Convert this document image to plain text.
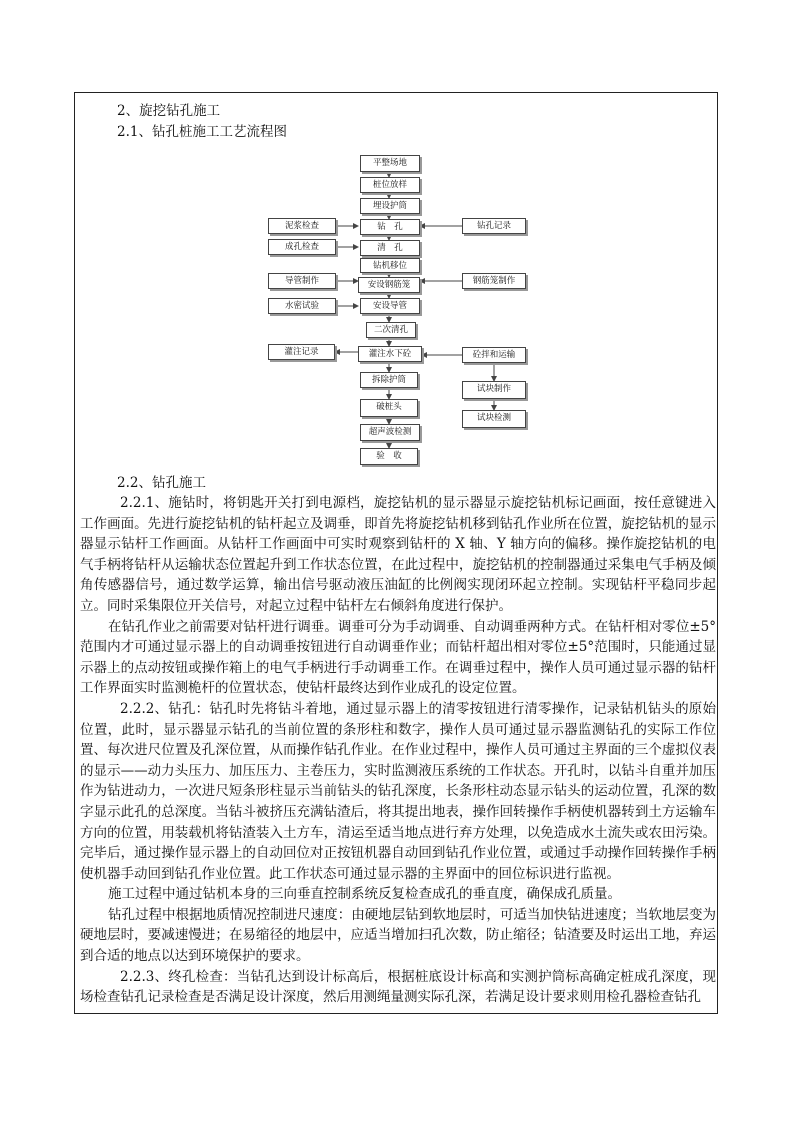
2、旋挖钻孔施工
2.1、钻孔桩施工工艺流程图
平整场地
桩位放样
埋设护筒
钻　孔
清　孔
钻机移位
安设钢筋笼
安设导管
二次清孔
灌注水下砼
拆除护筒
破桩头
超声波检测
验　收
泥浆检查
成孔检查
导管制作
水密试验
灌注记录
钻孔记录
钢筋笼制作
砼拌和运输
试块制作
试块检测
2.2、钻孔施工

2.2.1、施钻时，将钥匙开关打到电源档，旋挖钻机的显示器显示旋挖钻机标记画面，按任意键进入工作画面。先进行旋挖钻机的钻杆起立及调垂，即首先将旋挖钻机移到钻孔作业所在位置，旋挖钻机的显示器显示钻杆工作画面。从钻杆工作画面中可实时观察到钻杆的 X 轴、Y 轴方向的偏移。操作旋挖钻机的电气手柄将钻杆从运输状态位置起升到工作状态位置，在此过程中，旋挖钻机的控制器通过采集电气手柄及倾角传感器信号，通过数学运算，输出信号驱动液压油缸的比例阀实现闭环起立控制。实现钻杆平稳同步起立。同时采集限位开关信号，对起立过程中钻杆左右倾斜角度进行保护。

在钻孔作业之前需要对钻杆进行调垂。调垂可分为手动调垂、自动调垂两种方式。在钻杆相对零位±5°范围内才可通过显示器上的自动调垂按钮进行自动调垂作业；而钻杆超出相对零位±5°范围时，只能通过显示器上的点动按钮或操作箱上的电气手柄进行手动调垂工作。在调垂过程中，操作人员可通过显示器的钻杆工作界面实时监测桅杆的位置状态，使钻杆最终达到作业成孔的设定位置。

2.2.2、钻孔：钻孔时先将钻斗着地，通过显示器上的清零按钮进行清零操作，记录钻机钻头的原始位置，此时，显示器显示钻孔的当前位置的条形柱和数字，操作人员可通过显示器监测钻孔的实际工作位置、每次进尺位置及孔深位置，从而操作钻孔作业。在作业过程中，操作人员可通过主界面的三个虚拟仪表的显示——动力头压力、加压压力、主卷压力，实时监测液压系统的工作状态。开孔时，以钻斗自重并加压作为钻进动力，一次进尺短条形柱显示当前钻头的钻孔深度，长条形柱动态显示钻头的运动位置，孔深的数字显示此孔的总深度。当钻斗被挤压充满钻渣后，将其提出地表，操作回转操作手柄使机器转到土方运输车方向的位置，用装载机将钻渣装入土方车，清运至适当地点进行弃方处理，以免造成水土流失或农田污染。完毕后，通过操作显示器上的自动回位对正按钮机器自动回到钻孔作业位置，或通过手动操作回转操作手柄使机器手动回到钻孔作业位置。此工作状态可通过显示器的主界面中的回位标识进行监视。

施工过程中通过钻机本身的三向垂直控制系统反复检查成孔的垂直度，确保成孔质量。

钻孔过程中根据地质情况控制进尺速度：由硬地层钻到软地层时，可适当加快钻进速度；当软地层变为硬地层时，要减速慢进；在易缩径的地层中，应适当增加扫孔次数，防止缩径；钻渣要及时运出工地，弃运到合适的地点以达到环境保护的要求。

2.2.3、终孔检查：当钻孔达到设计标高后，根据桩底设计标高和实测护筒标高确定桩成孔深度，现场检查钻孔记录检查是否满足设计深度，然后用测绳量测实际孔深，若满足设计要求则用检孔器检查钻孔
